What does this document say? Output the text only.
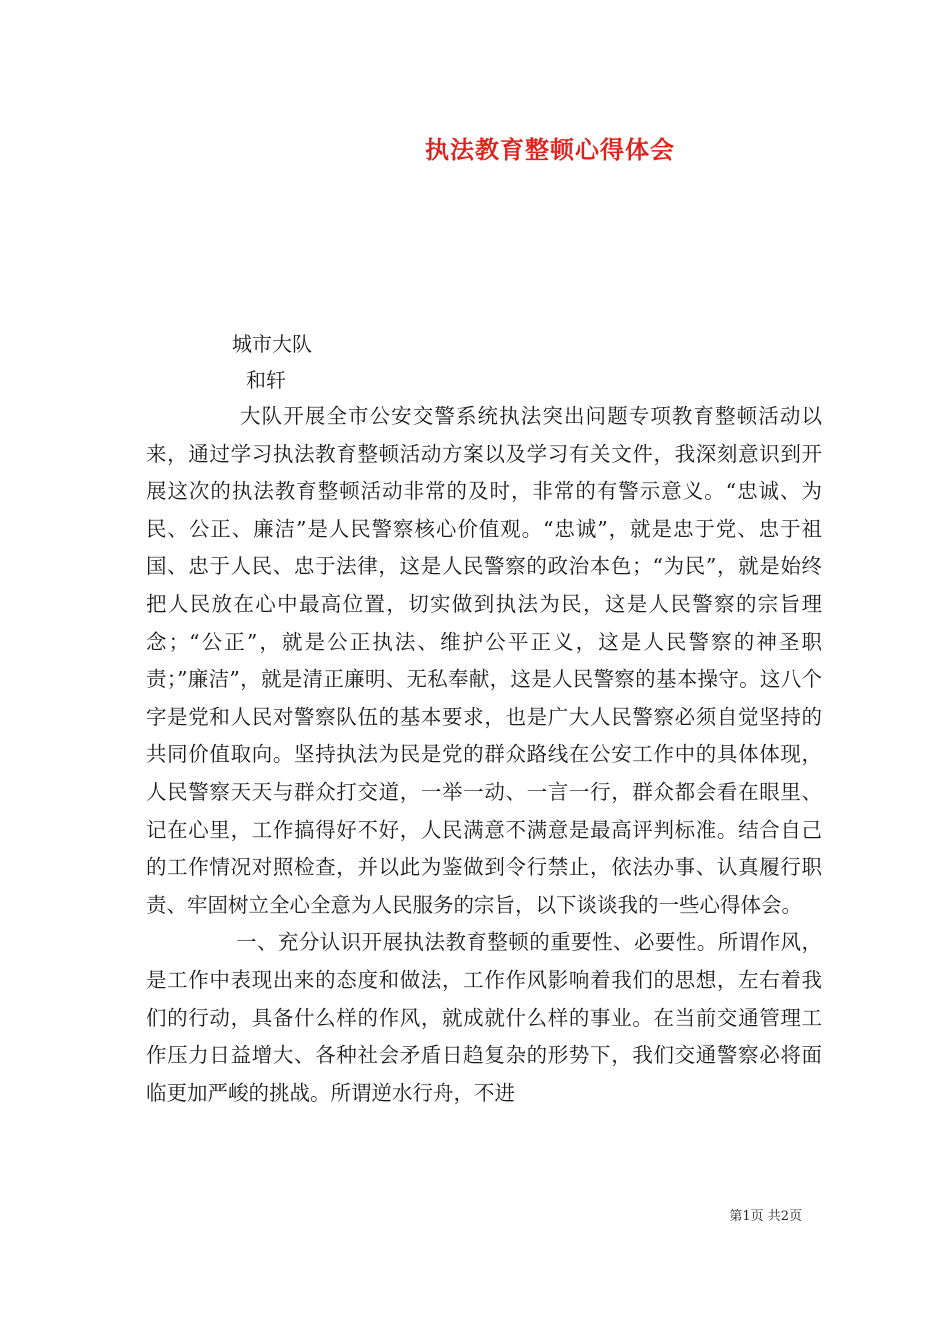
执法教育整顿心得体会
城市大队
和轩

大队开展全市公安交警系统执法突出问题专项教育整顿活动以来，通过学习执法教育整顿活动方案以及学习有关文件，我深刻意识到开展这次的执法教育整顿活动非常的及时，非常的有警示意义。“忠诚、为民、公正、廉洁”是人民警察核心价值观。“忠诚”，就是忠于党、忠于祖国、忠于人民、忠于法律，这是人民警察的政治本色；“为民”，就是始终把人民放在心中最高位置，切实做到执法为民，这是人民警察的宗旨理念；“公正”，就是公正执法、维护公平正义，这是人民警察的神圣职责；”廉洁”，就是清正廉明、无私奉献，这是人民警察的基本操守。这八个字是党和人民对警察队伍的基本要求，也是广大人民警察必须自觉坚持的共同价值取向。坚持执法为民是党的群众路线在公安工作中的具体体现，人民警察天天与群众打交道，一举一动、一言一行，群众都会看在眼里、记在心里，工作搞得好不好，人民满意不满意是最高评判标准。结合自己的工作情况对照检查，并以此为鉴做到令行禁止，依法办事、认真履行职责、牢固树立全心全意为人民服务的宗旨，以下谈谈我的一些心得体会。

一、充分认识开展执法教育整顿的重要性、必要性。所谓作风，是工作中表现出来的态度和做法，工作作风影响着我们的思想，左右着我们的行动，具备什么样的作风，就成就什么样的事业。在当前交通管理工作压力日益增大、各种社会矛盾日趋复杂的形势下，我们交通警察必将面临更加严峻的挑战。所谓逆水行舟，不进

第1页 共2页
